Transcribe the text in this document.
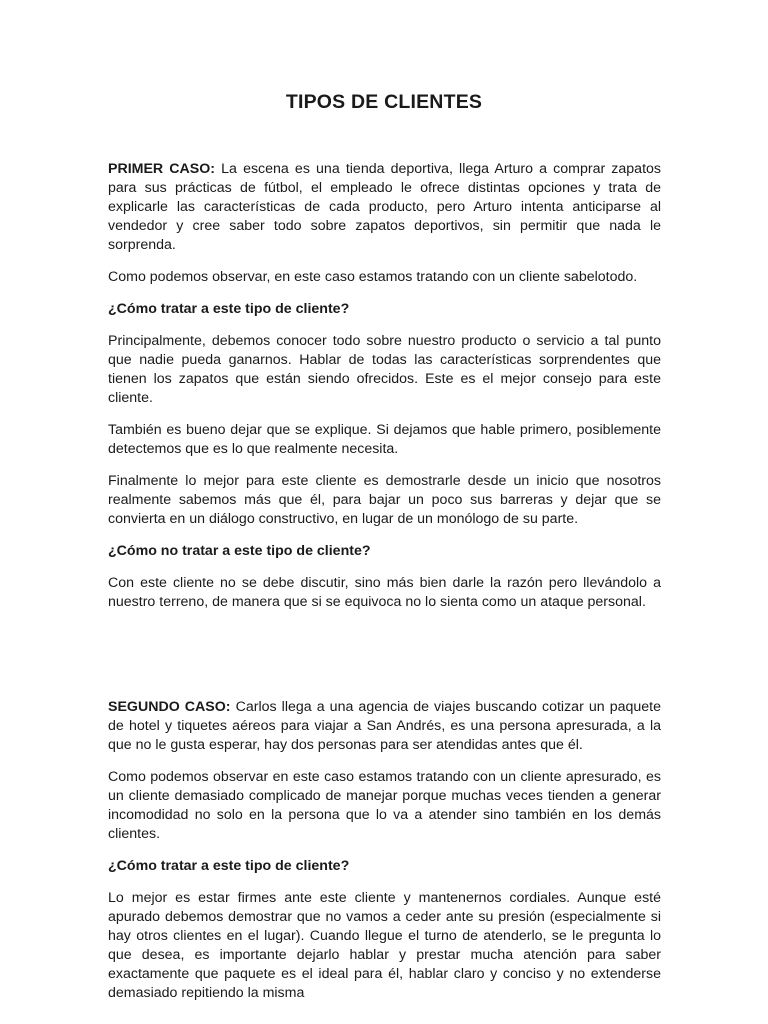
TIPOS DE CLIENTES

PRIMER CASO: La escena es una tienda deportiva, llega Arturo a comprar zapatos para sus prácticas de fútbol, el empleado le ofrece distintas opciones y trata de explicarle las características de cada producto, pero Arturo intenta anticiparse al vendedor y cree saber todo sobre zapatos deportivos, sin permitir que nada le sorprenda.

Como podemos observar, en este caso estamos tratando con un cliente sabelotodo.

¿Cómo tratar a este tipo de cliente?

Principalmente, debemos conocer todo sobre nuestro producto o servicio a tal punto que nadie pueda ganarnos. Hablar de todas las características sorprendentes que tienen los zapatos que están siendo ofrecidos. Este es el mejor consejo para este cliente.

También es bueno dejar que se explique. Si dejamos que hable primero, posiblemente detectemos que es lo que realmente necesita.

Finalmente lo mejor para este cliente es demostrarle desde un inicio que nosotros realmente sabemos más que él, para bajar un poco sus barreras y dejar que se convierta en un diálogo constructivo, en lugar de un monólogo de su parte.

¿Cómo no tratar a este tipo de cliente?

Con este cliente no se debe discutir, sino más bien darle la razón pero llevándolo a nuestro terreno, de manera que si se equivoca no lo sienta como un ataque personal.

SEGUNDO CASO: Carlos llega a una agencia de viajes buscando cotizar un paquete de hotel y tiquetes aéreos para viajar a San Andrés, es una persona apresurada, a la que no le gusta esperar, hay dos personas para ser atendidas antes que él.

Como podemos observar en este caso estamos tratando con un cliente apresurado, es un cliente demasiado complicado de manejar porque muchas veces tienden a generar incomodidad no solo en la persona que lo va a atender sino también en los demás clientes.

¿Cómo tratar a este tipo de cliente?

Lo mejor es estar firmes ante este cliente y mantenernos cordiales. Aunque esté apurado debemos demostrar que no vamos a ceder ante su presión (especialmente si hay otros clientes en el lugar). Cuando llegue el turno de atenderlo, se le pregunta lo que desea, es importante dejarlo hablar y prestar mucha atención para saber exactamente que paquete es el ideal para él, hablar claro y conciso y no extenderse demasiado repitiendo la misma
